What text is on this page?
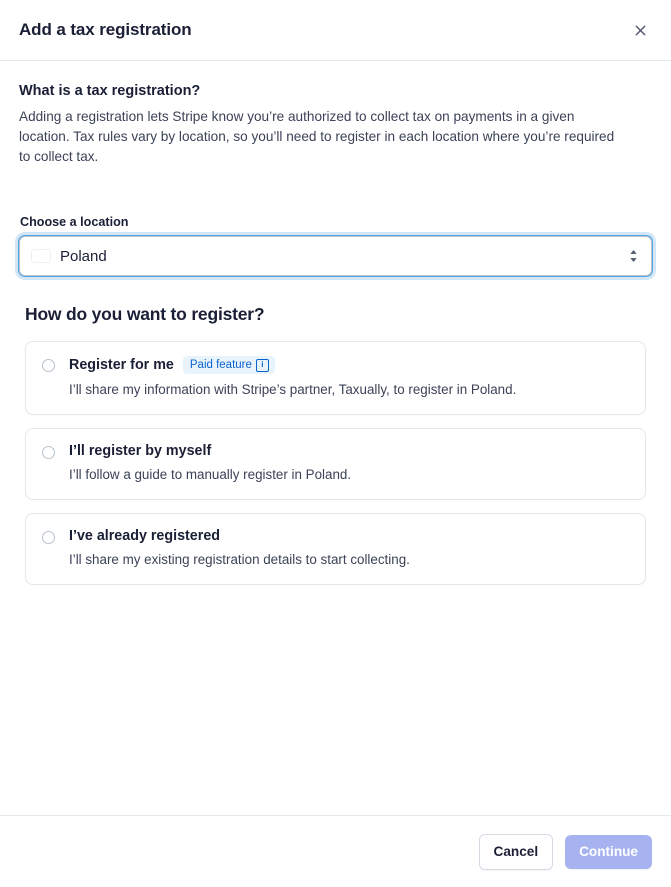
Add a tax registration
What is a tax registration?

Adding a registration lets Stripe know you’re authorized to collect tax on payments in a given location. Tax rules vary by location, so you’ll need to register in each location where you’re required to collect tax.

Choose a location
Poland
How do you want to register?
Register for me Paid feature	i
I’ll share my information with Stripe’s partner, Taxually, to register in Poland.
I’ll register by myself
I’ll follow a guide to manually register in Poland.
I’ve already registered
I’ll share my existing registration details to start collecting.
Cancel	Continue
